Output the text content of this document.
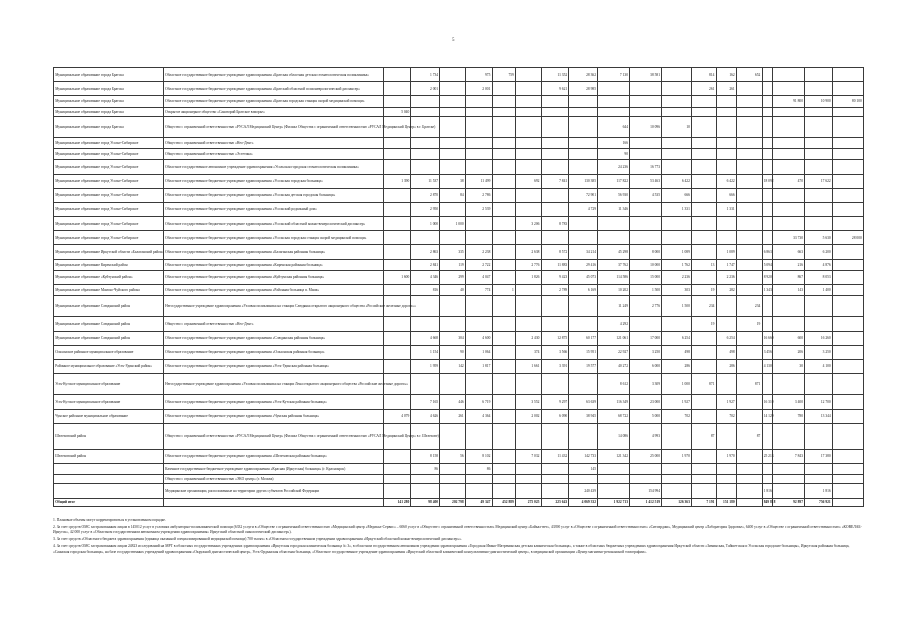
5
Муниципальное образование города Братска	Областное государственное бюджетное учреждение здравоохранения «Братская областная детская стоматологическая поликлиника»		1 734		975	759		11 352	28 362	7 130	38 581		814	162	652				
Муниципальное образование города Братска	Областное государственное бюджетное учреждение здравоохранения «Братский областной психоневрологический диспансер»		2 001		2 001			9 621	28 985				261	261					
Муниципальное образование города Братска	Областное государственное бюджетное учреждение здравоохранения «Братская городская станция скорой медицинской помощи»																91 800	10 900	80 100
Муниципальное образование города Братска	Открытое акционерное общество «Санаторий Братское взморье»	5 040																	
Муниципальное образование города Братска	Общество с ограниченной ответственностью «РУСАЛ Медицинский Центр» (Филиал Общества с ограниченной ответственностью «РУСАЛ Медицинский Центр» в г. Братске)									644	10 096	10							
Муниципальное образование город Усолье-Сибирское	Общество с ограниченной ответственностью «Нео-Дент»									166									
Муниципальное образование город Усолье-Сибирское	Общество с ограниченной ответственностью «Эстетика»									90									
Муниципальное образование город Усолье-Сибирское	Областное государственное автономное учреждение здравоохранения «Усольская городская стоматологическая поликлиника»									24 236	16 773								
Муниципальное образование город Усолье-Сибирское	Областное государственное бюджетное учреждение здравоохранения «Усольская городская больница»	1 390	11 537	38	11 499		692	7 841	130 385	117 822	53 463	6 422		6 422		18 092	470	17 622	
Муниципальное образование город Усолье-Сибирское	Областное государственное бюджетное учреждение здравоохранения «Усольская детская городская больница»		2 870	84	2 786				72 901	56 930	4 535	666		666					
Муниципальное образование город Усолье-Сибирское	Областное государственное бюджетное учреждение здравоохранения «Усольский родильный дом»		2 950		2 539				4 729	11 346		1 331		1 331					
Муниципальное образование город Усолье-Сибирское	Областное государственное бюджетное учреждение здравоохранения «Усольский областной кожно-венерологический диспансер»		1 000	1 000			3 206	8 783											
Муниципальное образование город Усолье-Сибирское	Областное государственное бюджетное учреждение здравоохранения «Усольская городская станция скорой медицинской помощи»																33 730	5 630	28 000
Муниципальное образование Иркутской области «Балаганский район»	Областное государственное бюджетное учреждение здравоохранения «Балаганская районная больница»		2 863	335	2 238		2 638	8 572	34 214	45 298	8 000	1 089		1 089		6 863	663	6 200	
Муниципальное образование Киренский район	Областное государственное бюджетное учреждение здравоохранения «Киренская районная больница»		2 841	119	2 722		2 776	11 883	29 416	37 762	10 000	1 762	13	1 747		5 094	216	4 876	
Муниципальное образование «Куйтунский район»	Областное государственное бюджетное учреждение здравоохранения «Куйтунская районная больница»	1 600	4 346	299	4 047		1 826	9 423	45 073	114 586	15 000	2 236		2 236		8 920	867	8 053	
Муниципальное образование Мамско-Чуйского района	Областное государственное бюджетное учреждение здравоохранения «Районная больница п. Мама»		816	40	774	1		2 789	6 169	10 202	1 500	303	19	282		1 343	143	1 400	
Муниципальное образование Слюдянский район	Негосударственное учреждение здравоохранения «Узловая поликлиника на станции Слюдянка открытого акционерного общества «Российские железные дороги»»									11 249	2 776	1 500	234		234				
Муниципальное образование Слюдянский район	Общество с ограниченной ответственностью «Нео-Дент»									4 292			19		19				
Муниципальное образование Слюдянский район	Областное государственное бюджетное учреждение здравоохранения «Слюдянская районная больница»		4 668	304	4 600		2 430	12 875	60 177	121 061	17 000	6 254		6 254		16 660	600	16 260	
Ольхонское районное муниципальное образование	Областное государственное бюджетное учреждение здравоохранения «Ольхонская районная больница»		1 154	90	1 064		374	3 566	15 951	22 927	3 250	498		498		3 456	206	3 250	
Районное муниципальное образование «Усть-Удинский район»	Областное государственное бюджетное учреждение здравоохранения «Усть-Удинская районная больница»		1 959	142	1 817		1 661	3 391	19 577	40 272	6 000	286		286		4 130	30	4 100	
Усть-Кутское муниципальное образование	Негосударственное учреждение здравоохранения «Узловая поликлиника на станции Лена открытого акционерного общества «Российские железные дороги»»									8 612	3 309	1 000	871		871				
Усть-Кутское муниципальное образование	Областное государственное бюджетное учреждение здравоохранения «Усть-Кутская районная больница»		7 165	446	6 719		3 552	9 297	63 639	116 349	23 000	1 927		1 927		16 310	3 400	12 700	
Чунское районное муниципальное образование	Областное государственное бюджетное учреждение здравоохранения «Чунская районная больница»	4 079	4 626	261	4 364		2 002	6 090	38 945	68 722	5 000	702		702		14 129	780	13 344	
Шелеховский район	Общество с ограниченной ответственностью «РУСАЛ Медицинский Центр» (Филиал Общества с ограниченной ответственностью «РУСАЛ Медицинский Центр» в г. Шелехове)									14 086	4 993		87		87				
Шелеховский район	Областное государственное бюджетное учреждение здравоохранения «Шелеховская районная больница»		8 158	56	8 102		7 032	11 432	142 733	121 342	25 000	1 970		1 970		25 213	7 843	17 380	
	Казенное государственное бюджетное учреждение здравоохранения «Красная (Иркутская) больница» (г. Красноярск)		86		86				145										
	Общество с ограниченной ответственностью «ЭКО центр» (г. Москва)																		
	Медицинские организации, расположенные на территории других субъектов Российской Федерации								240 439		154 994					1 816		1 816	
Общий итог		141 280	98 400	202 798	49 347	452 889	275 025	225 643	4 069 332	1 922 713	1 412 519	126 363	7 191	151 180		849 818	92 897	756 921	

1. Плановые объемы могут корректироваться в установленном порядке.

2. За счет средств ОМС застрахованным лицам в 145012 услуг в условиях амбулаторно-поликлинической помощи (6332 услуги в «Обществе с ограниченной ответственностью «Медицинский центр «Медикал-Сервис» – 6060 услуг в «Обществе с ограниченной ответственностью» Медицинский центр «Байкал-вет», 43390 услуг в «Обществе с ограниченной ответственностью» «Ситиэрджи», Медицинский центр «Лаборатория Здоровье», 6400 услуг в «Обществе с ограниченной ответственностью» «КОВЕЛАБ-Иркутск», 42 000 услуг в «Областном государственном автономном учреждении здравоохранения» Иркутский областной онкологический диспансер»).

3. За счет средств «Областного бюджета здравоохранения (единица оказанной специализированной медицинской помощи) 700 тысяч» в «Областном государственном учреждении здравоохранения «Иркутский областной кожно-венерологический диспансер»».

4. За счет средств ОМС застрахованным лицам 24823 исследований на МРТ в областных государственных учреждениях здравоохранения «Иркутская городская клиническая больница № 3», в областном государственном автономном учреждении здравоохранения «Городская Ивано-Матренинская детская клиническая больница», а также в областных бюджетных учреждениях здравоохранения Иркутской области «Зиминская, Тайшетская и Усольская городские больницы», Иркутская районная больница, «Саянская городская больница», на базе государственных учреждений здравоохранения «Окружной диагностический центр», Усть-Ордынская областная больница, «Областное государственное учреждение здравоохранения «Иркутский областной клинический консультативно-диагностический центр», в медицинской организации «Центр магнитно-резонансной томографии».
